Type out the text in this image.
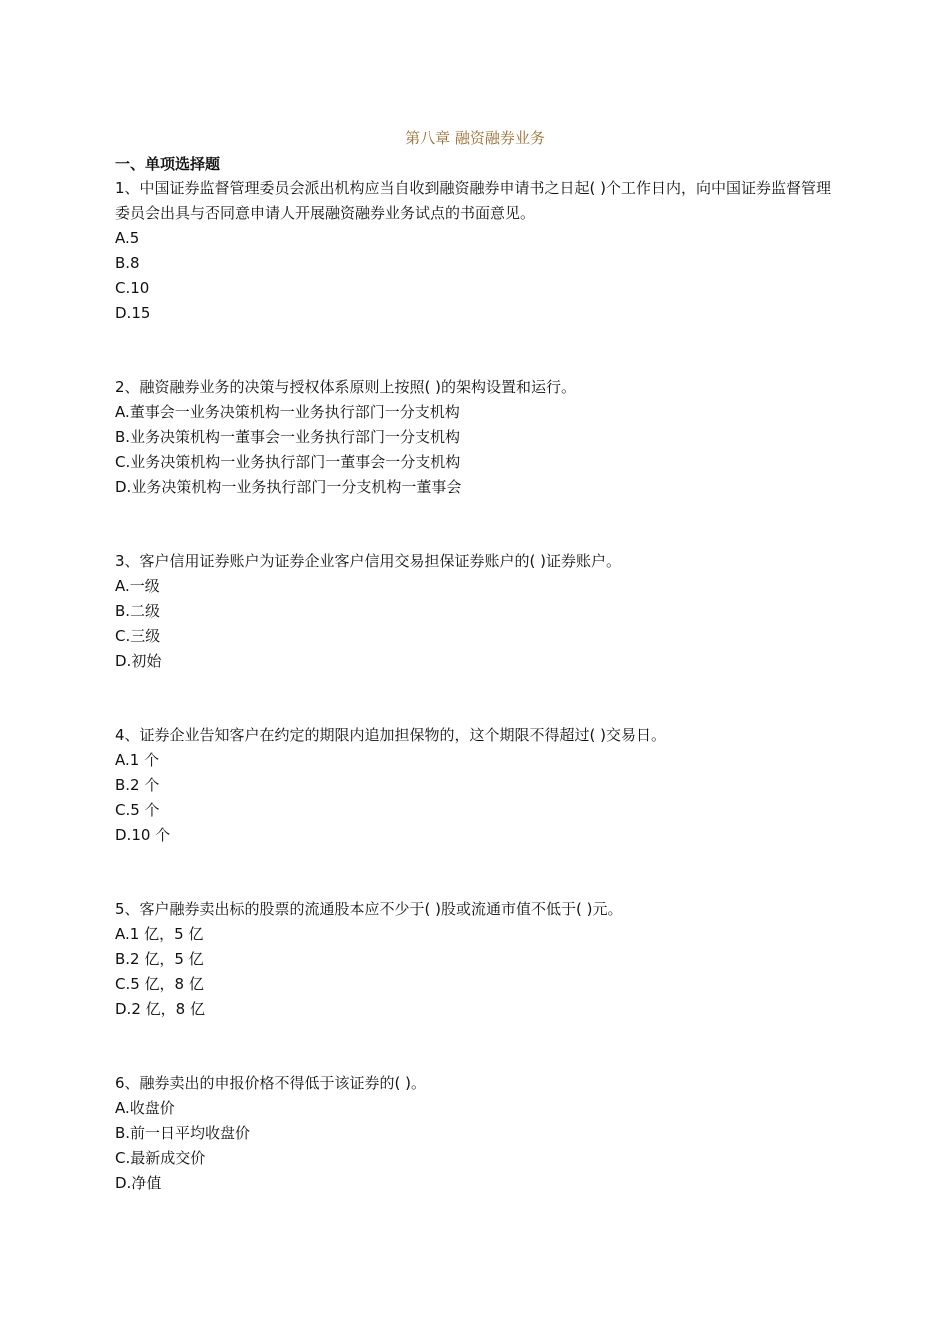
第八章 融资融券业务
一、单项选择题
1、中国证券监督管理委员会派出机构应当自收到融资融券申请书之日起( )个工作日内，向中国证券监督管理委员会出具与否同意申请人开展融资融券业务试点的书面意见。
A.5
B.8
C.10
D.15
2、融资融券业务的决策与授权体系原则上按照( )的架构设置和运行。
A.董事会一业务决策机构一业务执行部门一分支机构
B.业务决策机构一董事会一业务执行部门一分支机构
C.业务决策机构一业务执行部门一董事会一分支机构
D.业务决策机构一业务执行部门一分支机构一董事会
3、客户信用证券账户为证券企业客户信用交易担保证券账户的( )证券账户。
A.一级
B.二级
C.三级
D.初始
4、证券企业告知客户在约定的期限内追加担保物的，这个期限不得超过( )交易日。
A.1 个
B.2 个
C.5 个
D.10 个
5、客户融券卖出标的股票的流通股本应不少于( )股或流通市值不低于( )元。
A.1 亿，5 亿
B.2 亿，5 亿
C.5 亿，8 亿
D.2 亿，8 亿
6、融券卖出的申报价格不得低于该证券的( )。
A.收盘价
B.前一日平均收盘价
C.最新成交价
D.净值
